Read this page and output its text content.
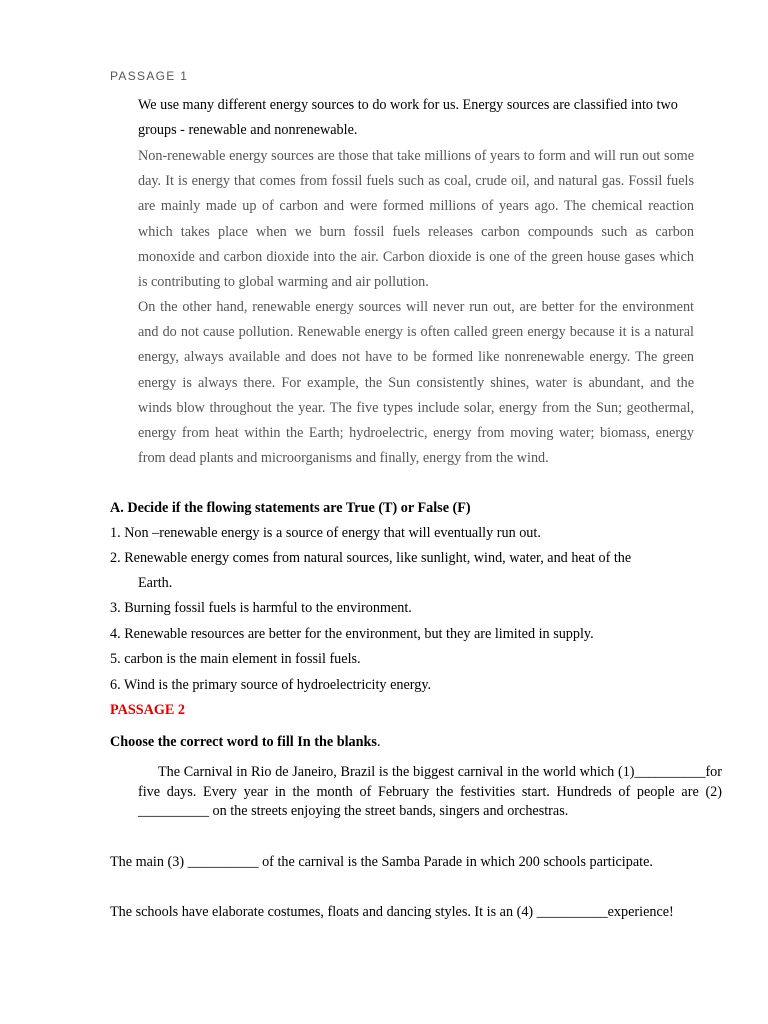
PASSAGE 1
We use many different energy sources to do work for us. Energy sources are classified into two groups - renewable and nonrenewable.
Non-renewable energy sources are those that take millions of years to form and will run out some day. It is energy that comes from fossil fuels such as coal, crude oil, and natural gas. Fossil fuels are mainly made up of carbon and were formed millions of years ago. The chemical reaction which takes place when we burn fossil fuels releases carbon compounds such as carbon monoxide and carbon dioxide into the air. Carbon dioxide is one of the green house gases which is contributing to global warming and air pollution.
On the other hand, renewable energy sources will never run out, are better for the environment and do not cause pollution. Renewable energy is often called green energy because it is a natural energy, always available and does not have to be formed like nonrenewable energy. The green energy is always there. For example, the Sun consistently shines, water is abundant, and the winds blow throughout the year. The five types include solar, energy from the Sun; geothermal, energy from heat within the Earth; hydroelectric, energy from moving water; biomass, energy from dead plants and microorganisms and finally, energy from the wind.
A. Decide if the flowing statements are True (T) or False (F)
1. Non –renewable energy is a source of energy that will eventually run out.
2. Renewable energy comes from natural sources, like sunlight, wind, water, and heat of the
Earth.
3. Burning fossil fuels is harmful to the environment.
4. Renewable resources are better for the environment, but they are limited in supply.
5. carbon is the main element in fossil fuels.
6. Wind is the primary source of hydroelectricity energy.
PASSAGE 2
Choose the correct word to fill In the blanks.
The Carnival in Rio de Janeiro, Brazil is the biggest carnival in the world which (1)__________for five days. Every year in the month of February the festivities start. Hundreds of people are (2) __________ on the streets enjoying the street bands, singers and orchestras.
The main (3) __________ of the carnival is the Samba Parade in which 200 schools participate.
The schools have elaborate costumes, floats and dancing styles. It is an (4) __________experience!
